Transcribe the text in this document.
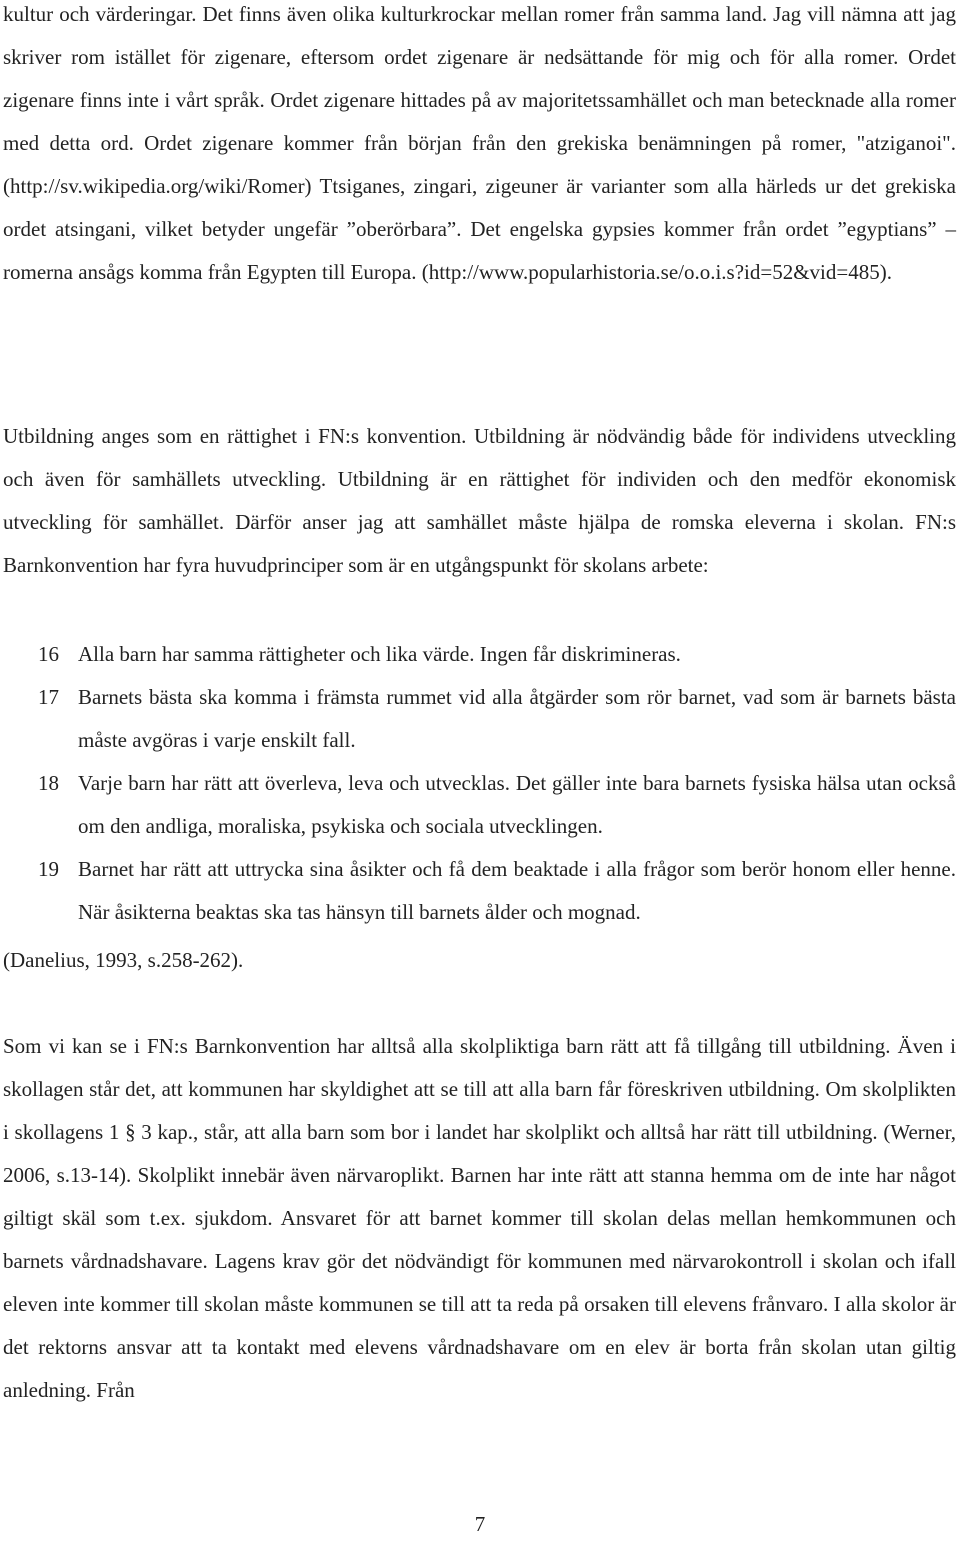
kultur och värderingar. Det finns även olika kulturkrockar mellan romer från samma land. Jag vill nämna att jag skriver rom istället för zigenare, eftersom ordet zigenare är nedsättande för mig och för alla romer. Ordet zigenare finns inte i vårt språk. Ordet zigenare hittades på av majoritetssamhället och man betecknade alla romer med detta ord. Ordet zigenare kommer från början från den grekiska benämningen på romer, "atziganoi". (http://sv.wikipedia.org/wiki/Romer) Ttsiganes, zingari, zigeuner är varianter som alla härleds ur det grekiska ordet atsingani, vilket betyder ungefär ”oberörbara”. Det engelska gypsies kommer från ordet ”egyptians” – romerna ansågs komma från Egypten till Europa. (http://www.popularhistoria.se/o.o.i.s?id=52&vid=485).

Utbildning anges som en rättighet i FN:s konvention. Utbildning är nödvändig både för individens utveckling och även för samhällets utveckling. Utbildning är en rättighet för individen och den medför ekonomisk utveckling för samhället. Därför anser jag att samhället måste hjälpa de romska eleverna i skolan. FN:s Barnkonvention har fyra huvudprinciper som är en utgångspunkt för skolans arbete:

16 Alla barn har samma rättigheter och lika värde. Ingen får diskrimineras.
17 Barnets bästa ska komma i främsta rummet vid alla åtgärder som rör barnet, vad som är barnets bästa måste avgöras i varje enskilt fall.
18 Varje barn har rätt att överleva, leva och utvecklas. Det gäller inte bara barnets fysiska hälsa utan också om den andliga, moraliska, psykiska och sociala utvecklingen.
19 Barnet har rätt att uttrycka sina åsikter och få dem beaktade i alla frågor som berör honom eller henne. När åsikterna beaktas ska tas hänsyn till barnets ålder och mognad.

(Danelius, 1993, s.258-262).

Som vi kan se i FN:s Barnkonvention har alltså alla skolpliktiga barn rätt att få tillgång till utbildning. Även i skollagen står det, att kommunen har skyldighet att se till att alla barn får föreskriven utbildning. Om skolplikten i skollagens 1 § 3 kap., står, att alla barn som bor i landet har skolplikt och alltså har rätt till utbildning. (Werner, 2006, s.13-14). Skolplikt innebär även närvaroplikt. Barnen har inte rätt att stanna hemma om de inte har något giltigt skäl som t.ex. sjukdom. Ansvaret för att barnet kommer till skolan delas mellan hemkommunen och barnets vårdnadshavare. Lagens krav gör det nödvändigt för kommunen med närvarokontroll i skolan och ifall eleven inte kommer till skolan måste kommunen se till att ta reda på orsaken till elevens frånvaro. I alla skolor är det rektorns ansvar att ta kontakt med elevens vårdnadshavare om en elev är borta från skolan utan giltig anledning. Från

7
